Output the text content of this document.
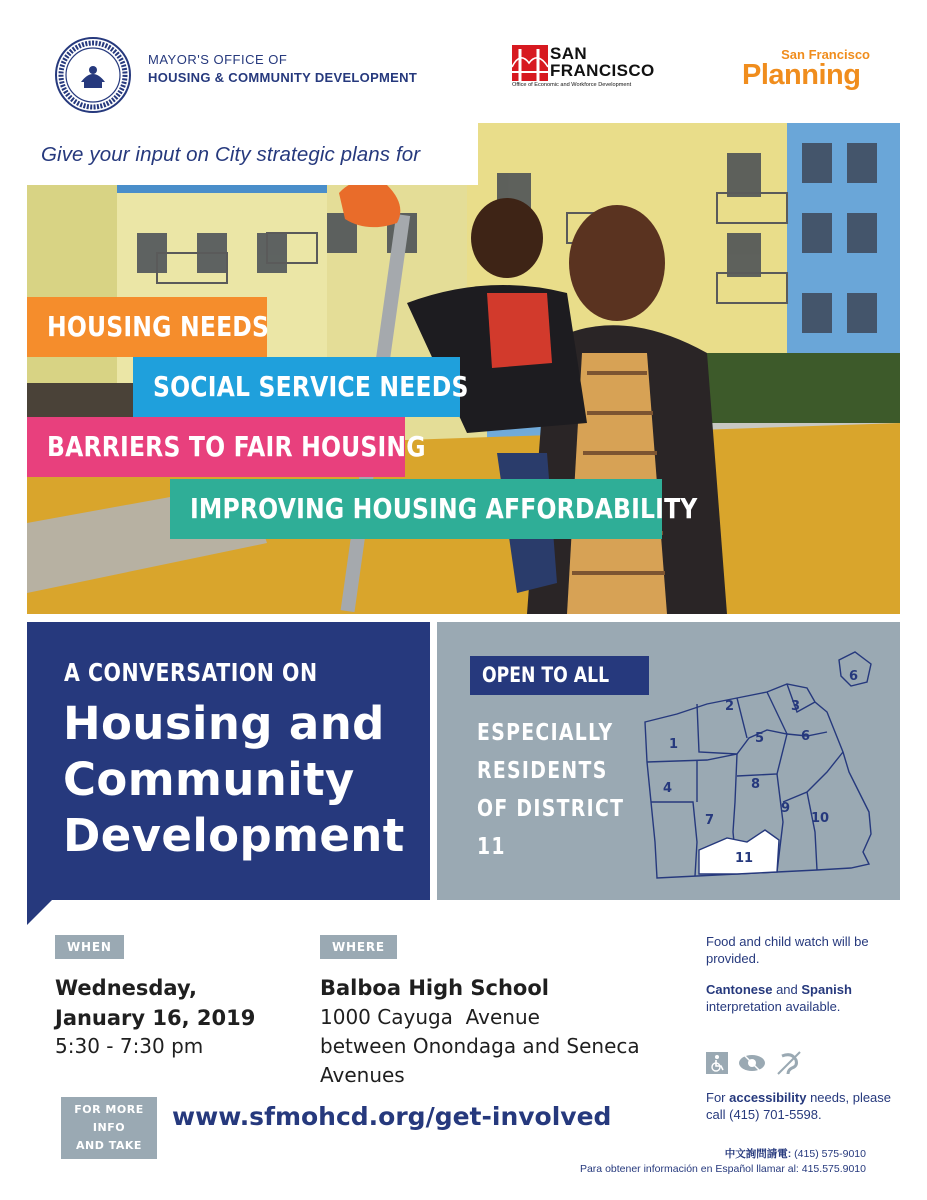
MAYOR'S OFFICE OF
HOUSING & COMMUNITY DEVELOPMENT
SAN
FRANCISCO
Office of Economic and Workforce Development
San Francisco
Planning
Give your input on City strategic plans for
HOUSING NEEDS
SOCIAL SERVICE NEEDS
BARRIERS TO FAIR HOUSING
IMPROVING HOUSING AFFORDABILITY
A CONVERSATION ON
Housing and
Community
Development
OPEN TO ALL
ESPECIALLY
RESIDENTS
OF DISTRICT
11
1
2	3
4
5	6
6
7
8
9
10
11
WHEN
Wednesday,
January 16, 2019
5:30 - 7:30 pm
WHERE
Balboa High School
1000 Cayuga  Avenue
between Onondaga and Seneca
Avenues
Food and child watch will be provided.
Cantonese and Spanish
interpretation available.
For accessibility needs, please call (415) 701-5598.
FOR MORE INFO
AND TAKE OUR
SURVEY
www.sfmohcd.org/get-involved
中文詢問請電: (415) 575-9010
Para obtener información en Español llamar al: 415.575.9010
